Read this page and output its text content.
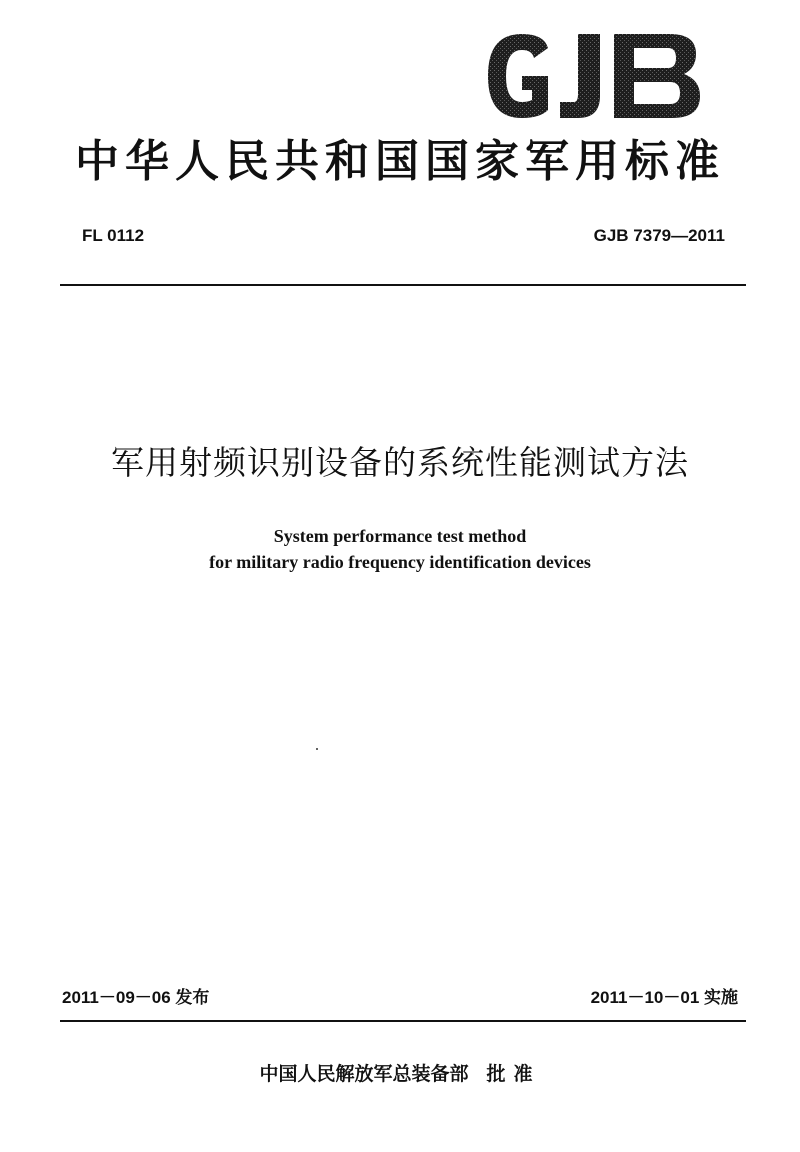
中华人民共和国国家军用标准
FL 0112	GJB 7379—2011
军用射频识别设备的系统性能测试方法
System performance test method
for military radio frequency identification devices
2011－09－06 发布	2011－10－01 实施
中国人民解放军总装备部 批准
